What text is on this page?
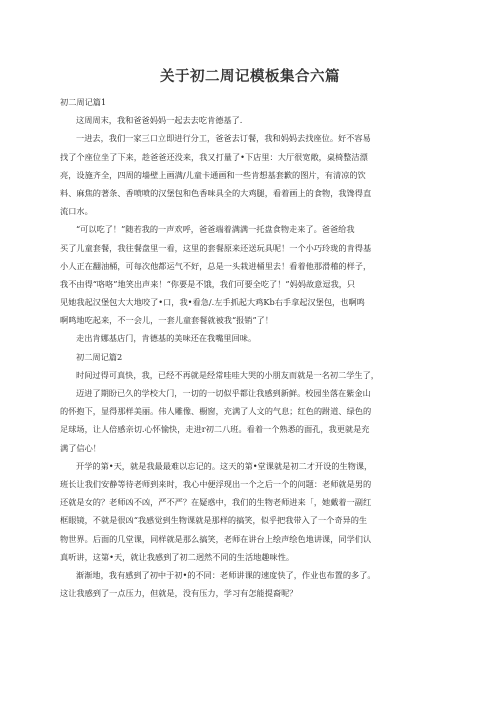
关于初二周记模板集合六篇
初二周记篇1
这周周末，我和爸爸妈妈一起去去吃肯德基了.
一进去，我们一家三口立即进行分工，爸爸去订餐，我和妈妈去找座位。好不容易
找了个座位坐了下来，趁爸爸还没来，我又打量了•下店里：大厅很宽敞，桌椅整洁漂
亮，设施齐全，四周的墙壁上画满/儿童卡通画和一些肯想基套歉的图片，有清凉的饮
料、麻焦的著条、香喷喷的汉堡包和色香味具全的大鸡腿，看着画上的食物，我馋得直
流口水。
“可以吃了！”随若我的一声欢呼，爸爸端着满满一托盘食物走来了。爸爸给我
买了儿童套餐，我往餐盘里一看，这里的套餐原来还送玩具呢！一个小巧玲珑的肯得基
小人正在翻油桶，可每次他都运气不好，总是一头栽进桶里去！看着他那滑稽的样子，
我不由得“咯咯”地笑出声来！“你要是不饿，我们可要全吃了！”妈妈故意逗我，只
见她我起汉堡包大大地咬了•口，我•看急/.左手抓起大鸡Kb右手拿起汉堡包，也啊鸣
啊鸣地吃起来，不一会儿，一套儿童套餐就被我“报销”了！
走出肯娜基店门，肯德基的美味还在我嘴里回味。
初二周记篇2
时间过得可真快，我，已经不再就是经常哇哇大哭的小朋友而就是一名初二学生了，
迈进了期盼已久的学校大门，一切的一切似乎都让我感到新鲜。校园坐落在紫金山
的怀抱下，显得那样美丽。伟人雕像、橱窗，充满了人文的气息；红色的跗道、绿色的
足球场，让人倍感亲切.心怀愉快，走进r初二八班。看着一个熟悉的面孔，我更就是充
满了信心！
开学的第•天，就是我最最难以忘记的。这天的第•堂课就是初二才开设的生物课，
班长让我们安静等待老师到来时，我心中便浮现出一个之后一个的问题：老师就是男的
还就是女的？老师凶不凶，严不严？在疑惑中，我们的生物老师进来「，她戴着一副红
框眼镜，不就是很凶“我感觉到生物课就是那样的搞笑，似乎把我带入了一个奇异的生
物世界。后面的几堂课，同样就是那么搞笑，老师在讲台上绘声绘色地讲课，同学们认
真听讲，这第•天，就让我感到了初二迥然不同的生活地趣味性。
渐渐地，我有感到了初中于初•的不同：老师讲课的速度快了，作业也布置的多了。
这让我感到了一点压力，但就是，没有压力，学习有怎能提裔呢？
